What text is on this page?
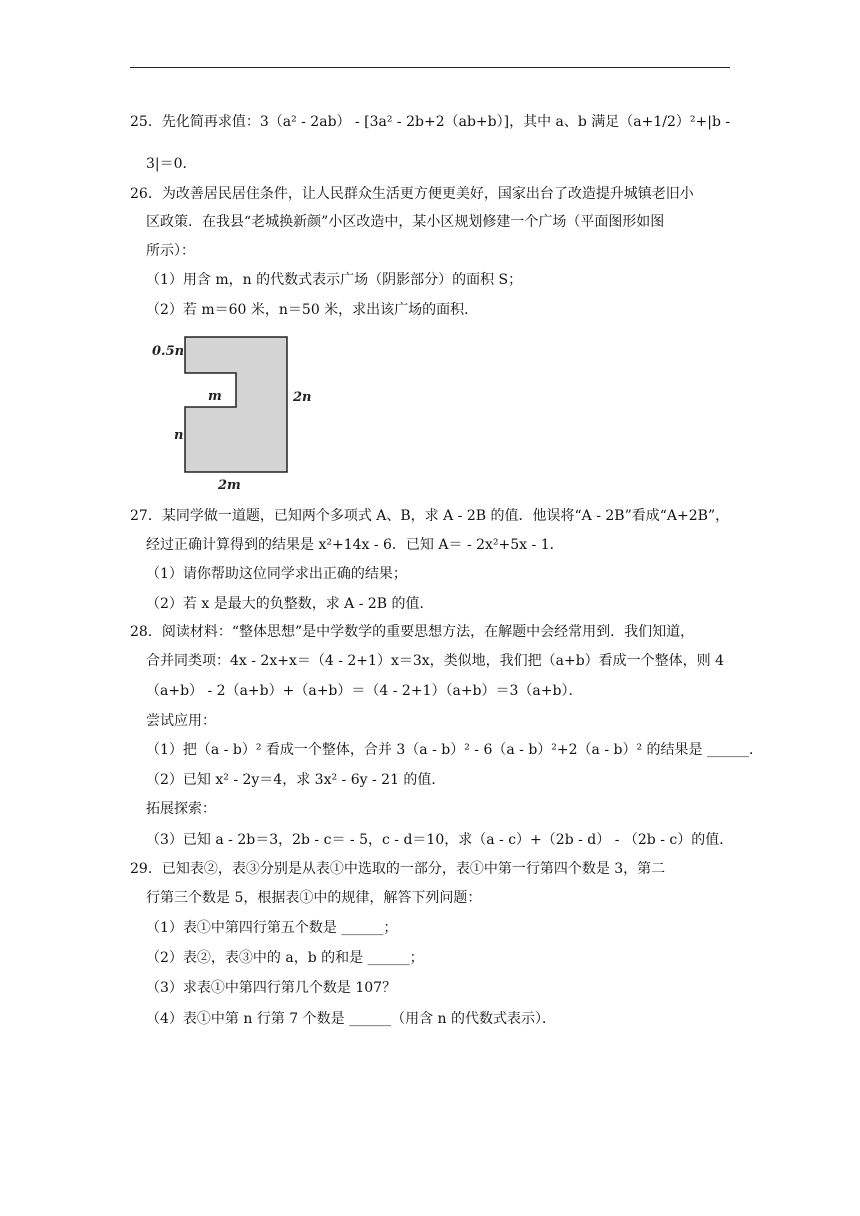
25．先化简再求值：3（a² - 2ab） - [3a² - 2b+2（ab+b）]，其中 a、b 满足（a+1/2）²+|b -
3|＝0．
26．为改善居民居住条件，让人民群众生活更方便更美好，国家出台了改造提升城镇老旧小
区政策．在我县“老城换新颜”小区改造中，某小区规划修建一个广场（平面图形如图
所示）：
（1）用含 m，n 的代数式表示广场（阴影部分）的面积 S；
（2）若 m＝60 米，n＝50 米，求出该广场的面积．
0.5n
m	2n
n
2m
27．某同学做一道题，已知两个多项式 A、B，求 A - 2B 的值．他误将“A - 2B”看成“A+2B”，
经过正确计算得到的结果是 x²+14x - 6．已知 A＝ - 2x²+5x - 1．
（1）请你帮助这位同学求出正确的结果；
（2）若 x 是最大的负整数，求 A - 2B 的值．
28．阅读材料：“整体思想”是中学数学的重要思想方法，在解题中会经常用到．我们知道，
合并同类项：4x - 2x+x＝（4 - 2+1）x＝3x，类似地，我们把（a+b）看成一个整体，则 4
（a+b） - 2（a+b）+（a+b）＝（4 - 2+1）（a+b）＝3（a+b）．
尝试应用：
（1）把（a - b）² 看成一个整体，合并 3（a - b）² - 6（a - b）²+2（a - b）² 的结果是 ______．
（2）已知 x² - 2y＝4，求 3x² - 6y - 21 的值．
拓展探索：
（3）已知 a - 2b＝3，2b - c＝ - 5，c - d＝10，求（a - c）+（2b - d） - （2b - c）的值．
29．已知表②，表③分别是从表①中选取的一部分，表①中第一行第四个数是 3，第二
行第三个数是 5，根据表①中的规律，解答下列问题：
（1）表①中第四行第五个数是 ______；
（2）表②，表③中的 a，b 的和是 ______；
（3）求表①中第四行第几个数是 107？
（4）表①中第 n 行第 7 个数是 ______（用含 n 的代数式表示）．
